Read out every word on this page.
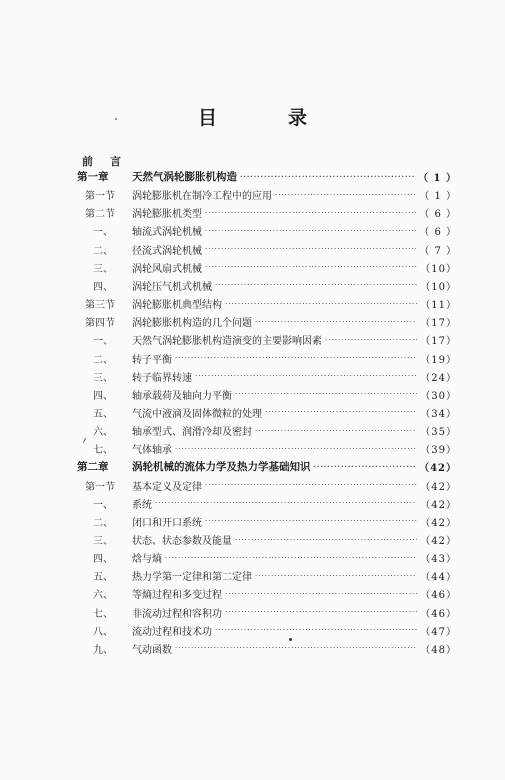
目　录
前　言
第一章	天然气涡轮膨胀机构造 ·····	（ 1 ）
第一节	涡轮膨胀机在制冷工程中的应用 ·····	（ 1 ）
第二节	涡轮膨胀机类型 ·····	（ 6 ）
一、	轴流式涡轮机械 ·····	（ 6 ）
二、	径流式涡轮机械 ·····	（ 7 ）
三、	涡轮风扇式机械 ·····	（10）
四、	涡轮压气机式机械 ·····	（10）
第三节	涡轮膨胀机典型结构 ·····	（11）
第四节	涡轮膨胀机构造的几个问题 ·····	（17）
一、	天然气涡轮膨胀机构造演变的主要影响因素 ·····	（17）
二、	转子平衡 ·····	（19）
三、	转子临界转速 ·····	（24）
四、	轴承载荷及轴向力平衡 ·····	（30）
五、	气流中液滴及固体微粒的处理 ·····	（34）
六、	轴承型式、润滑冷却及密封 ·····	（35）
七、	气体轴承 ·····	（39）
第二章	涡轮机械的流体力学及热力学基础知识 ·····	（42）
第一节	基本定义及定律 ·····	（42）
一、	系统 ·····	（42）
二、	闭口和开口系统 ·····	（42）
三、	状态、状态参数及能量 ·····	（42）
四、	焓与熵 ·····	（43）
五、	热力学第一定律和第二定律 ·····	（44）
六、	等熵过程和多变过程 ·····	（46）
七、	非流动过程和容积功 ·····	（46）
八、	流动过程和技术功 ·····	（47）
九、	气动函数 ·····	（48）
